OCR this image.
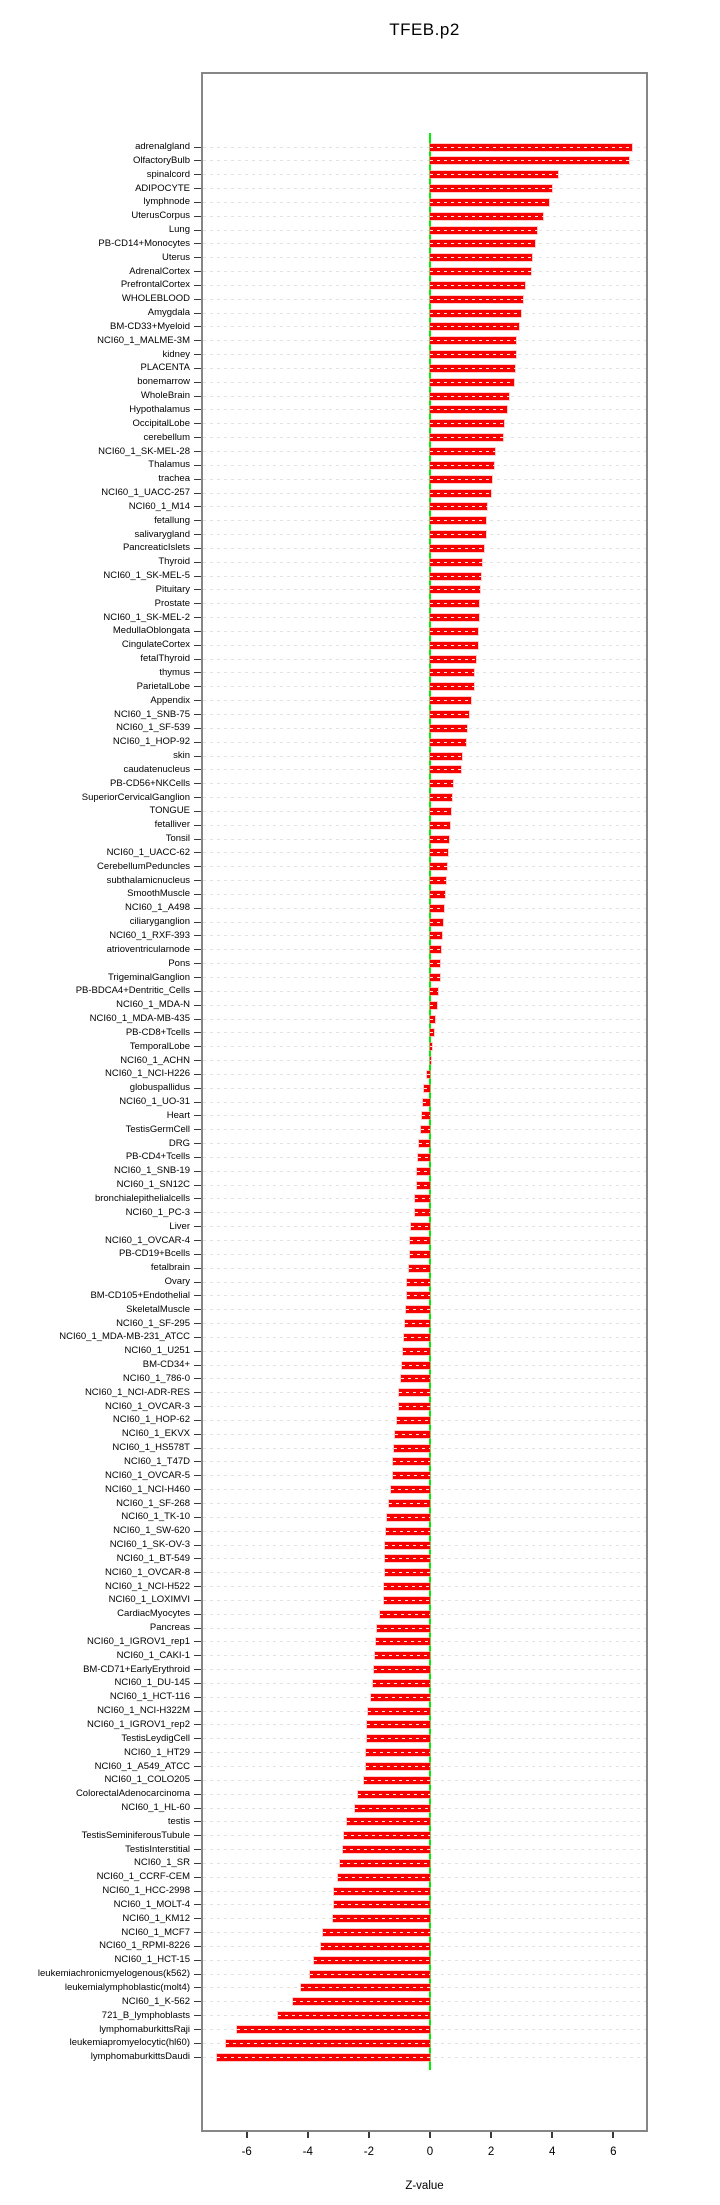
TFEB.p2
adrenalgland
OlfactoryBulb
spinalcord
ADIPOCYTE
lymphnode
UterusCorpus
Lung
PB-CD14+Monocytes
Uterus
AdrenalCortex
PrefrontalCortex
WHOLEBLOOD
Amygdala
BM-CD33+Myeloid
NCI60_1_MALME-3M
kidney
PLACENTA
bonemarrow
WholeBrain
Hypothalamus
OccipitalLobe
cerebellum
NCI60_1_SK-MEL-28
Thalamus
trachea
NCI60_1_UACC-257
NCI60_1_M14
fetallung
salivarygland
PancreaticIslets
Thyroid
NCI60_1_SK-MEL-5
Pituitary
Prostate
NCI60_1_SK-MEL-2
MedullaOblongata
CingulateCortex
fetalThyroid
thymus
ParietalLobe
Appendix
NCI60_1_SNB-75
NCI60_1_SF-539
NCI60_1_HOP-92
skin
caudatenucleus
PB-CD56+NKCells
SuperiorCervicalGanglion
TONGUE
fetalliver
Tonsil
NCI60_1_UACC-62
CerebellumPeduncles
subthalamicnucleus
SmoothMuscle
NCI60_1_A498
ciliaryganglion
NCI60_1_RXF-393
atrioventricularnode
Pons
TrigeminalGanglion
PB-BDCA4+Dentritic_Cells
NCI60_1_MDA-N
NCI60_1_MDA-MB-435
PB-CD8+Tcells
TemporalLobe
NCI60_1_ACHN
NCI60_1_NCI-H226
globuspallidus
NCI60_1_UO-31
Heart
TestisGermCell
DRG
PB-CD4+Tcells
NCI60_1_SNB-19
NCI60_1_SN12C
bronchialepithelialcells
NCI60_1_PC-3
Liver
NCI60_1_OVCAR-4
PB-CD19+Bcells
fetalbrain
Ovary
BM-CD105+Endothelial
SkeletalMuscle
NCI60_1_SF-295
NCI60_1_MDA-MB-231_ATCC
NCI60_1_U251
BM-CD34+
NCI60_1_786-0
NCI60_1_NCI-ADR-RES
NCI60_1_OVCAR-3
NCI60_1_HOP-62
NCI60_1_EKVX
NCI60_1_HS578T
NCI60_1_T47D
NCI60_1_OVCAR-5
NCI60_1_NCI-H460
NCI60_1_SF-268
NCI60_1_TK-10
NCI60_1_SW-620
NCI60_1_SK-OV-3
NCI60_1_BT-549
NCI60_1_OVCAR-8
NCI60_1_NCI-H522
NCI60_1_LOXIMVI
CardiacMyocytes
Pancreas
NCI60_1_IGROV1_rep1
NCI60_1_CAKI-1
BM-CD71+EarlyErythroid
NCI60_1_DU-145
NCI60_1_HCT-116
NCI60_1_NCI-H322M
NCI60_1_IGROV1_rep2
TestisLeydigCell
NCI60_1_HT29
NCI60_1_A549_ATCC
NCI60_1_COLO205
ColorectalAdenocarcinoma
NCI60_1_HL-60
testis
TestisSeminiferousTubule
TestisInterstitial
NCI60_1_SR
NCI60_1_CCRF-CEM
NCI60_1_HCC-2998
NCI60_1_MOLT-4
NCI60_1_KM12
NCI60_1_MCF7
NCI60_1_RPMI-8226
NCI60_1_HCT-15
leukemiachronicmyelogenous(k562)
leukemialymphoblastic(molt4)
NCI60_1_K-562
721_B_lymphoblasts
lymphomaburkittsRaji
leukemiapromyelocytic(hl60)
lymphomaburkittsDaudi
-6	-4	-2	0	2	4	6
Z-value
